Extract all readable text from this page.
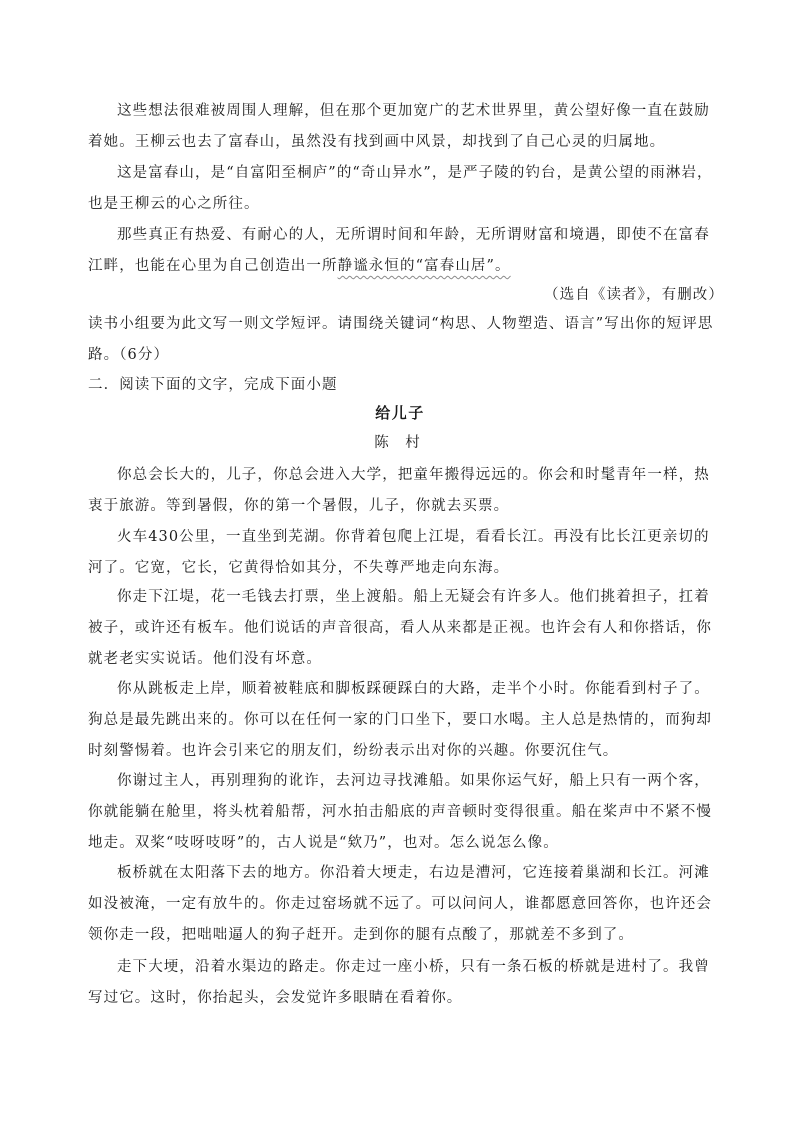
这些想法很难被周围人理解，但在那个更加宽广的艺术世界里，黄公望好像一直在鼓励着她。王柳云也去了富春山，虽然没有找到画中风景，却找到了自己心灵的归属地。

这是富春山，是“自富阳至桐庐”的“奇山异水”，是严子陵的钓台，是黄公望的雨淋岩，也是王柳云的心之所往。

那些真正有热爱、有耐心的人，无所谓时间和年龄，无所谓财富和境遇，即使不在富春江畔，也能在心里为自己创造出一所静谧永恒的“富春山居”。

（选自《读者》，有删改）

读书小组要为此文写一则文学短评。请围绕关键词“构思、人物塑造、语言”写出你的短评思路。（6分）

二．阅读下面的文字，完成下面小题

给儿子
陈 村

你总会长大的，儿子，你总会进入大学，把童年搬得远远的。你会和时髦青年一样，热衷于旅游。等到暑假，你的第一个暑假，儿子，你就去买票。

火车430公里，一直坐到芜湖。你背着包爬上江堤，看看长江。再没有比长江更亲切的河了。它宽，它长，它黄得恰如其分，不失尊严地走向东海。

你走下江堤，花一毛钱去打票，坐上渡船。船上无疑会有许多人。他们挑着担子，扛着被子，或许还有板车。他们说话的声音很高，看人从来都是正视。也许会有人和你搭话，你就老老实实说话。他们没有坏意。

你从跳板走上岸，顺着被鞋底和脚板踩硬踩白的大路，走半个小时。你能看到村子了。狗总是最先跳出来的。你可以在任何一家的门口坐下，要口水喝。主人总是热情的，而狗却时刻警惕着。也许会引来它的朋友们，纷纷表示出对你的兴趣。你要沉住气。

你谢过主人，再别理狗的讹诈，去河边寻找滩船。如果你运气好，船上只有一两个客，你就能躺在舱里，将头枕着船帮，河水拍击船底的声音顿时变得很重。船在桨声中不紧不慢地走。双桨“吱呀吱呀”的，古人说是“欸乃”，也对。怎么说怎么像。

板桥就在太阳落下去的地方。你沿着大埂走，右边是漕河，它连接着巢湖和长江。河滩如没被淹，一定有放牛的。你走过窑场就不远了。可以问问人，谁都愿意回答你，也许还会领你走一段，把咄咄逼人的狗子赶开。走到你的腿有点酸了，那就差不多到了。

走下大埂，沿着水渠边的路走。你走过一座小桥，只有一条石板的桥就是进村了。我曾写过它。这时，你抬起头，会发觉许多眼睛在看着你。
